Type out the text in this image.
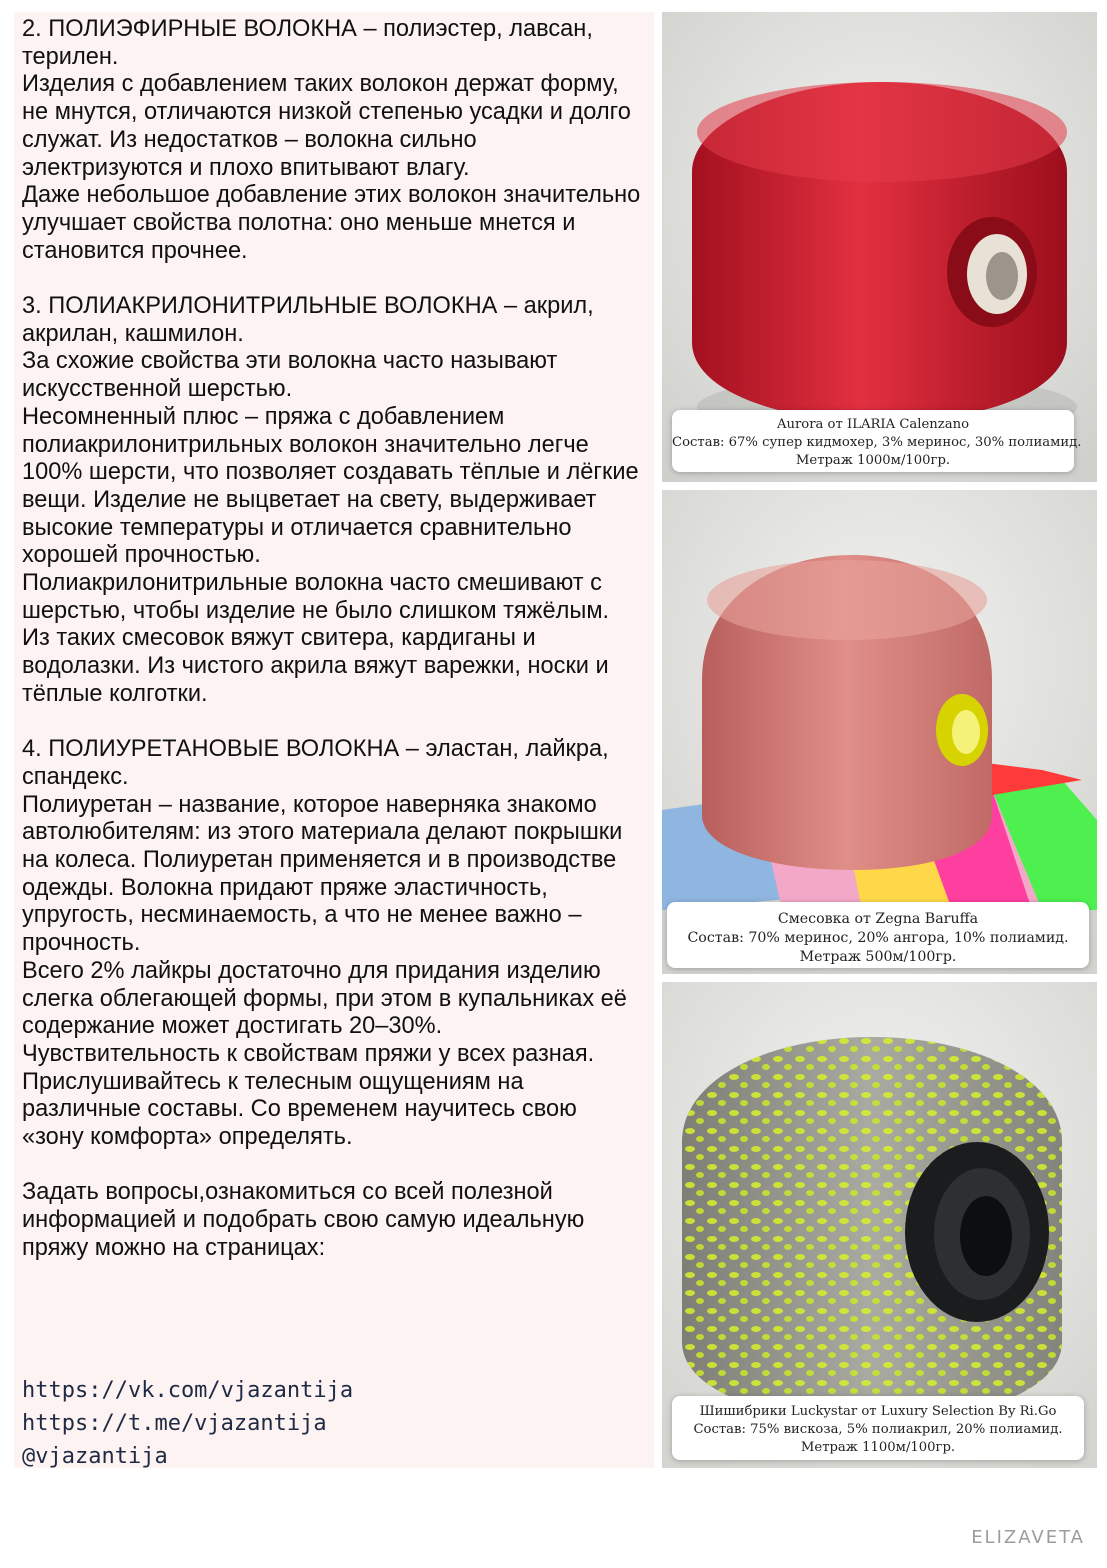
2. ПОЛИЭФИРНЫЕ ВОЛОКНА – полиэстер, лавсан, терилен.

Изделия с добавлением таких волокон держат форму, не мнутся, отличаются низкой степенью усадки и долго служат. Из недостатков – волокна сильно электризуются и плохо впитывают влагу.

Даже небольшое добавление этих волокон значительно улучшает свойства полотна: оно меньше мнется и становится прочнее.

3. ПОЛИАКРИЛОНИТРИЛЬНЫЕ ВОЛОКНА – акрил, акрилан, кашмилон.

За схожие свойства эти волокна часто называют искусственной шерстью.

Несомненный плюс – пряжа с добавлением полиакрилонитрильных волокон значительно легче 100% шерсти, что позволяет создавать тёплые и лёгкие вещи. Изделие не выцветает на свету, выдерживает высокие температуры и отличается сравнительно хорошей прочностью.

Полиакрилонитрильные волокна часто смешивают с шерстью, чтобы изделие не было слишком тяжёлым. Из таких смесовок вяжут свитера, кардиганы и водолазки. Из чистого акрила вяжут варежки, носки и тёплые колготки.

4. ПОЛИУРЕТАНОВЫЕ ВОЛОКНА – эластан, лайкра, спандекс.

Полиуретан – название, которое наверняка знакомо автолюбителям: из этого материала делают покрышки на колеса. Полиуретан применяется и в производстве одежды. Волокна придают пряже эластичность, упругость, несминаемость, а что не менее важно – прочность.

Всего 2% лайкры достаточно для придания изделию слегка облегающей формы, при этом в купальниках её содержание может достигать 20–30%.

Чувствительность к свойствам пряжи у всех разная. Прислушивайтесь к телесным ощущениям на различные составы. Со временем научитесь свою «зону комфорта» определять.

Задать вопросы,ознакомиться со всей полезной информацией и подобрать свою самую идеальную пряжу можно на страницах:

https://vk.com/vjazantija
https://t.me/vjazantija
@vjazantija
Aurora от ILARIA Calenzano
Состав: 67% супер кидмохер, 3% меринос, 30% полиамид.
Метраж 1000м/100гр.
Смесовка от Zegna Baruffa
Состав: 70% меринос, 20% ангора, 10% полиамид.
Метраж 500м/100гр.
Шишибрики Luckystar от Luxury Selection By Ri.Go
Состав: 75% вискоза, 5% полиакрил, 20% полиамид.
Метраж 1100м/100гр.
ELIZAVETA
